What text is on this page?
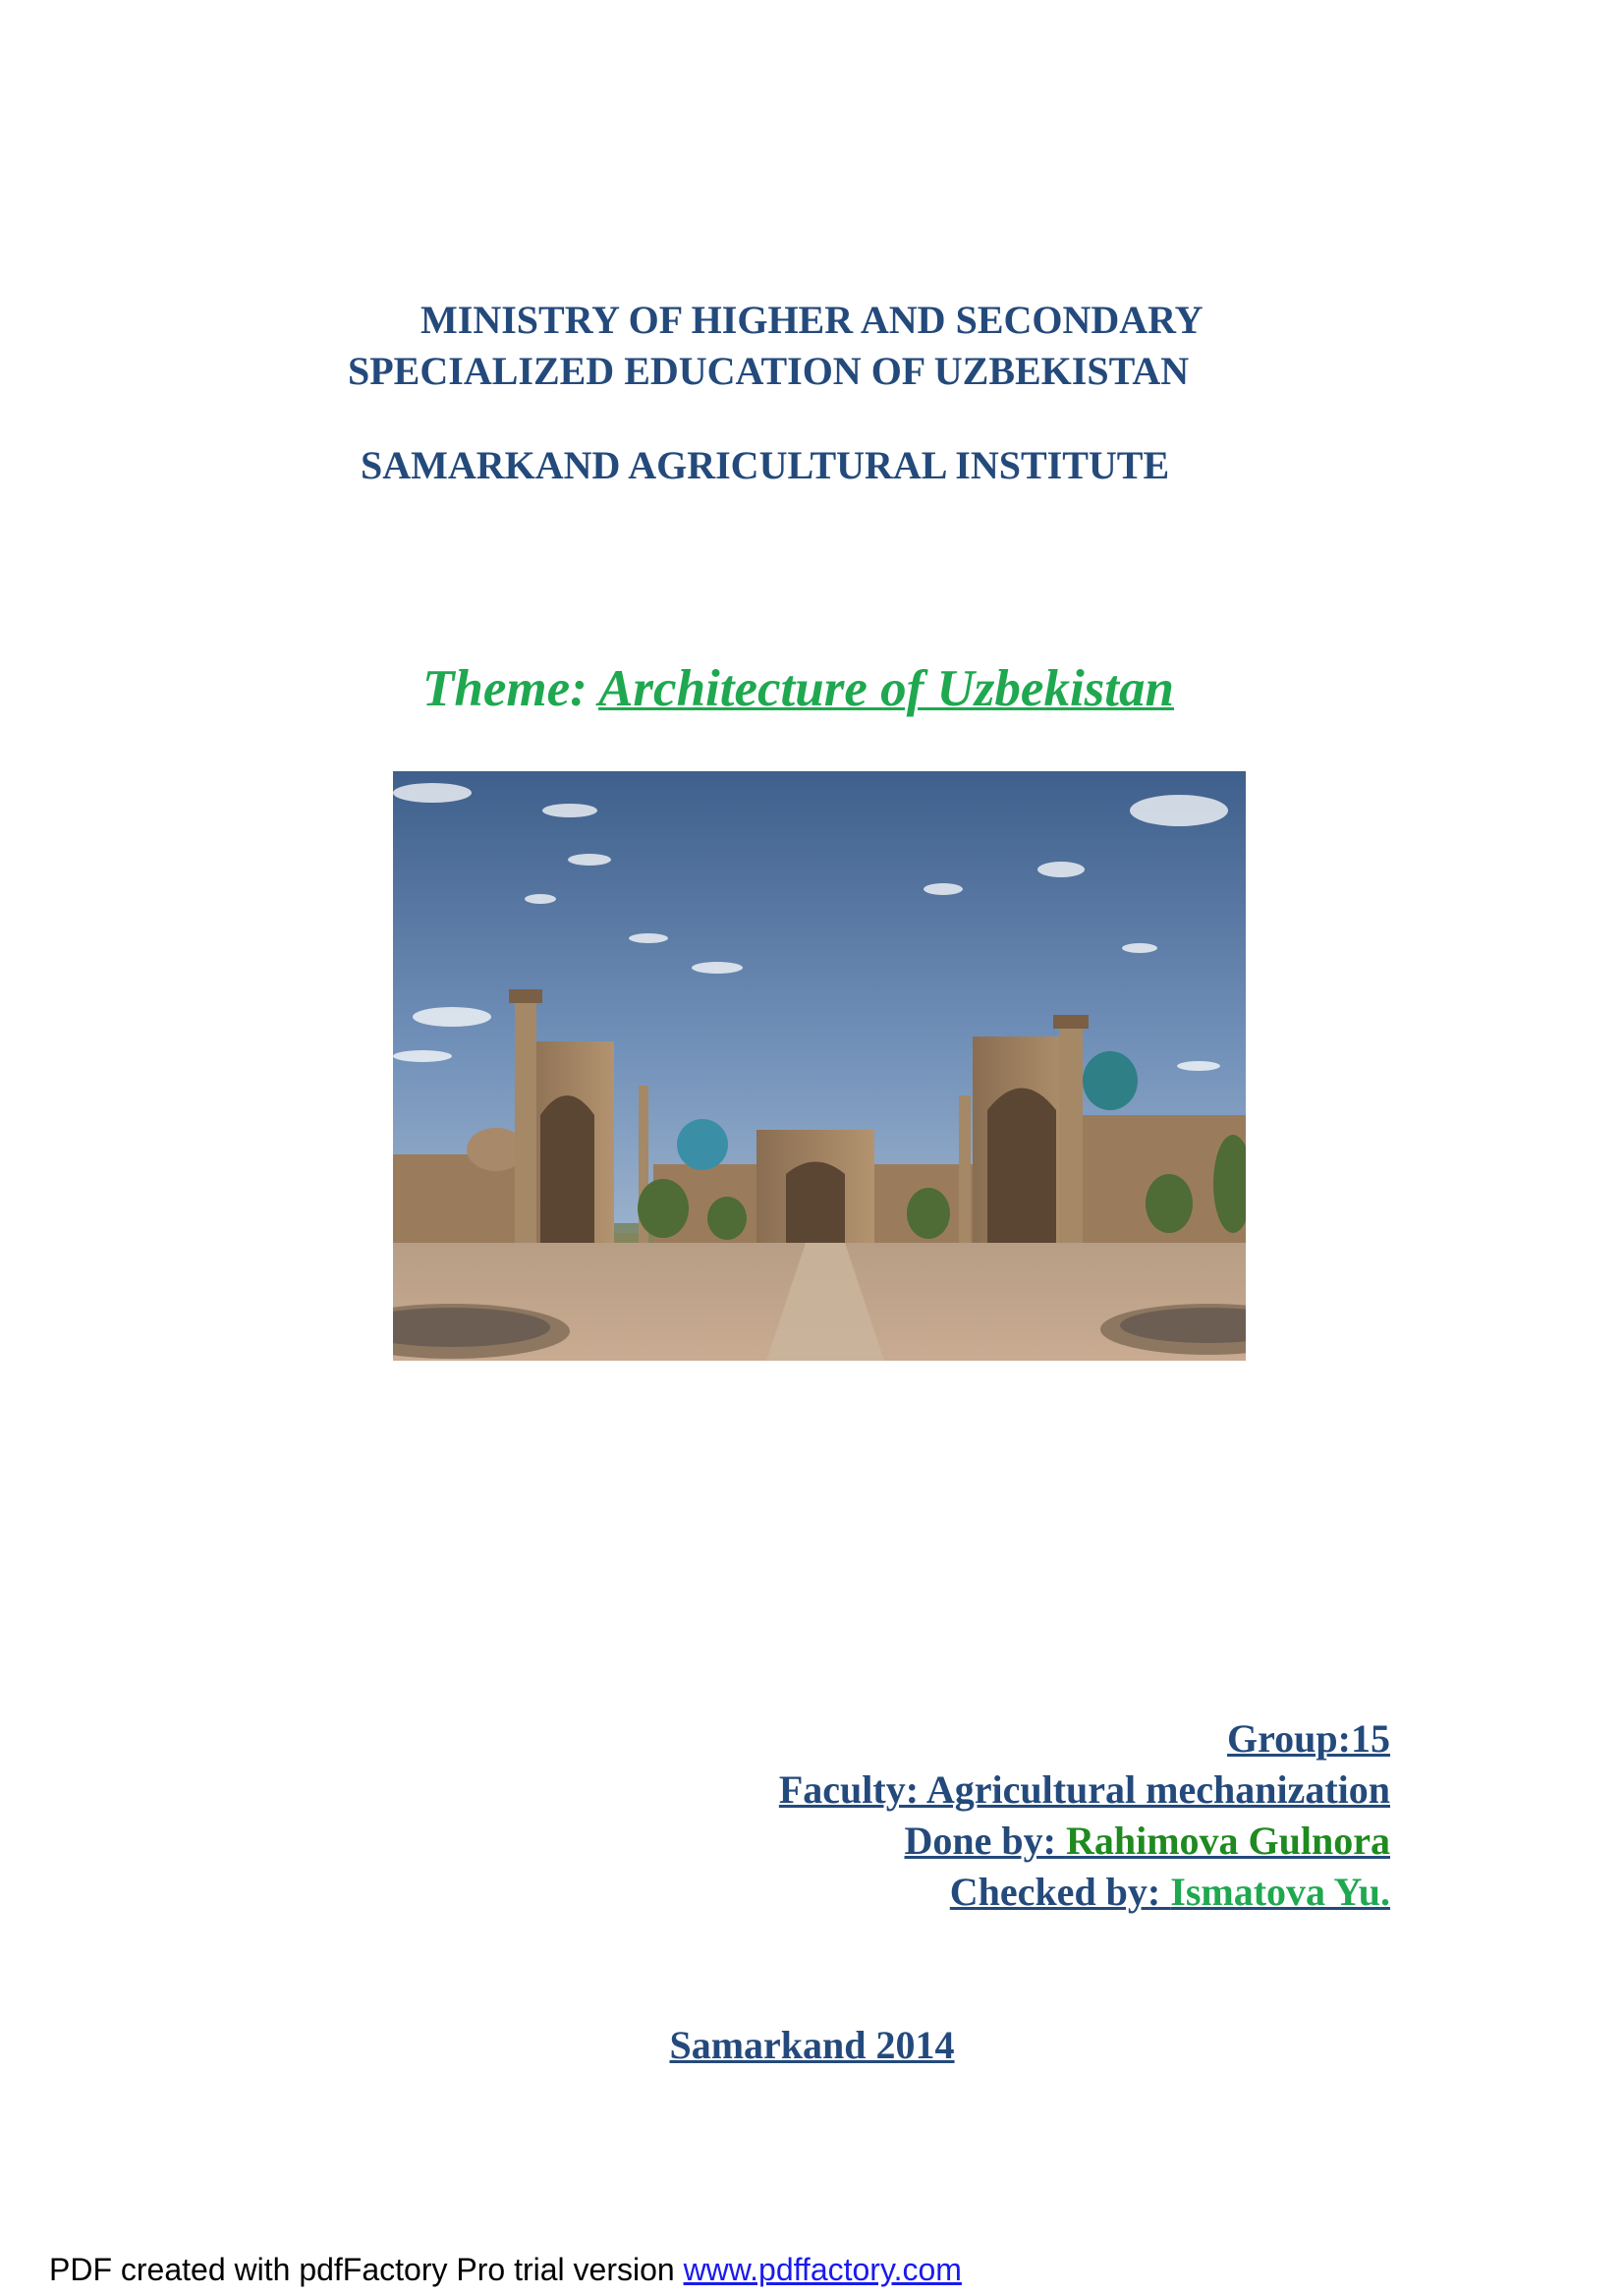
MINISTRY OF HIGHER AND SECONDARY
SPECIALIZED EDUCATION OF UZBEKISTAN
SAMARKAND AGRICULTURAL INSTITUTE
Theme: Architecture of Uzbekistan
Group:15
Faculty: Agricultural mechanization
Done by: Rahimova Gulnora
Checked by: Ismatova Yu.
Samarkand 2014
PDF created with pdfFactory Pro trial version www.pdffactory.com
